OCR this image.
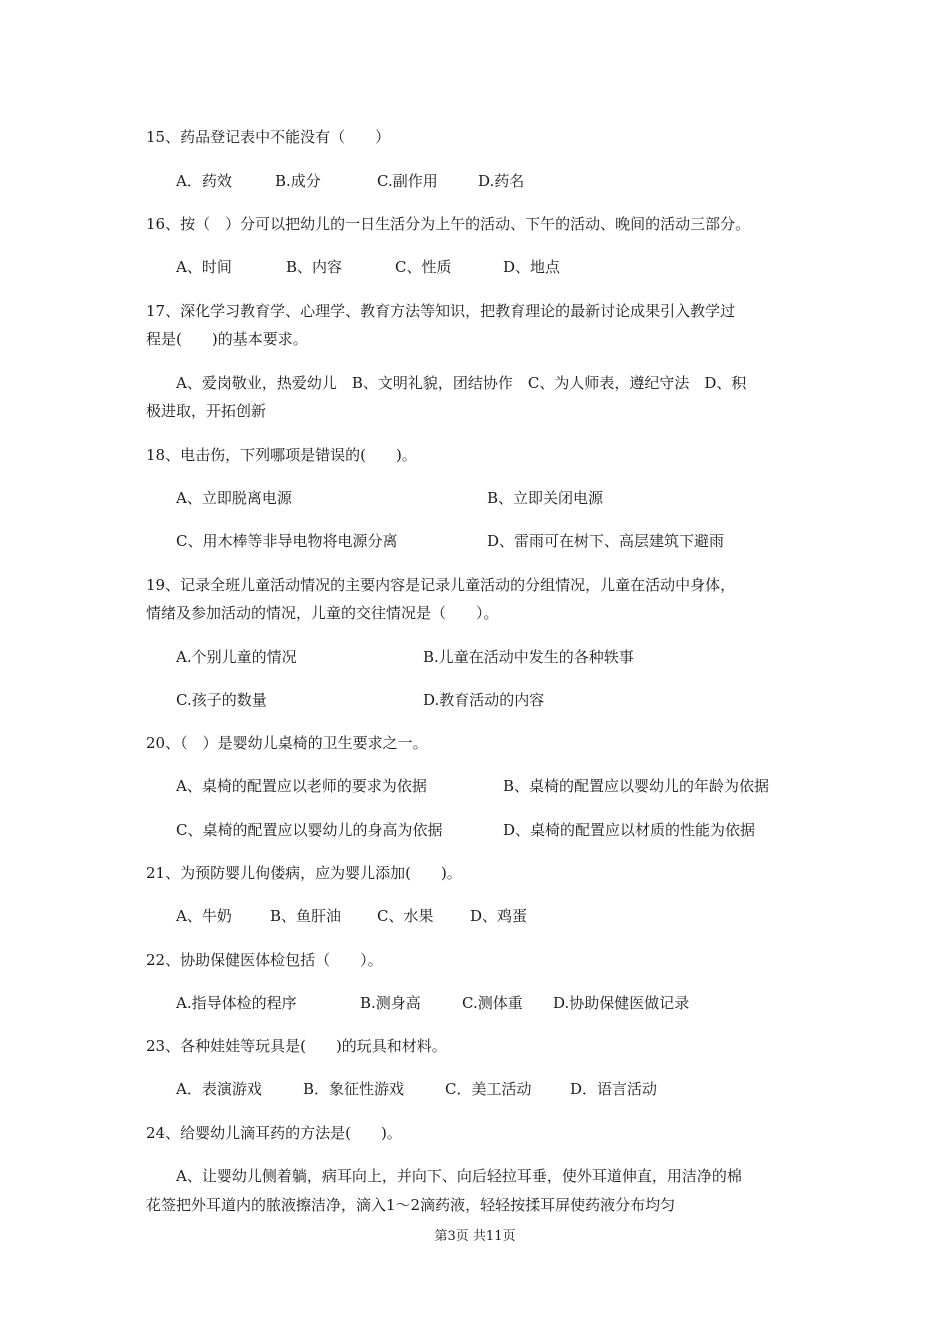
15、药品登记表中不能没有（　　）
A．药效	B.成分	C.副作用	D.药名
16、按（　）分可以把幼儿的一日生活分为上午的活动、下午的活动、晚间的活动三部分。
A、时间	B、内容	C、性质	D、地点
17、深化学习教育学、心理学、教育方法等知识，把教育理论的最新讨论成果引入教学过
程是(　　)的基本要求。
A、爱岗敬业，热爱幼儿　B、文明礼貌，团结协作　C、为人师表，遵纪守法　D、积
极进取，开拓创新
18、电击伤，下列哪项是错误的(　　)。
A、立即脱离电源	B、立即关闭电源
C、用木棒等非导电物将电源分离	D、雷雨可在树下、高层建筑下避雨
19、记录全班儿童活动情况的主要内容是记录儿童活动的分组情况，儿童在活动中身体，
情绪及参加活动的情况，儿童的交往情况是（　　）。
A.个别儿童的情况	B.儿童在活动中发生的各种轶事
C.孩子的数量	D.教育活动的内容
20、（　）是婴幼儿桌椅的卫生要求之一。
A、桌椅的配置应以老师的要求为依据	B、桌椅的配置应以婴幼儿的年龄为依据
C、桌椅的配置应以婴幼儿的身高为依据	D、桌椅的配置应以材质的性能为依据
21、为预防婴儿佝偻病，应为婴儿添加(　　)。
A、牛奶	B、鱼肝油 C、水果 D、鸡蛋
22、协助保健医体检包括（　　）。
A.指导体检的程序	B.测身高	C.测体重 D.协助保健医做记录
23、各种娃娃等玩具是(　　)的玩具和材料。
A．表演游戏	B．象征性游戏	C．美工活动	D．语言活动
24、给婴幼儿滴耳药的方法是(　　)。
A、让婴幼儿侧着躺，病耳向上，并向下、向后轻拉耳垂，使外耳道伸直，用洁净的棉
花签把外耳道内的脓液擦洁净，滴入1～2滴药液，轻轻按揉耳屏使药液分布均匀
第3页 共11页
